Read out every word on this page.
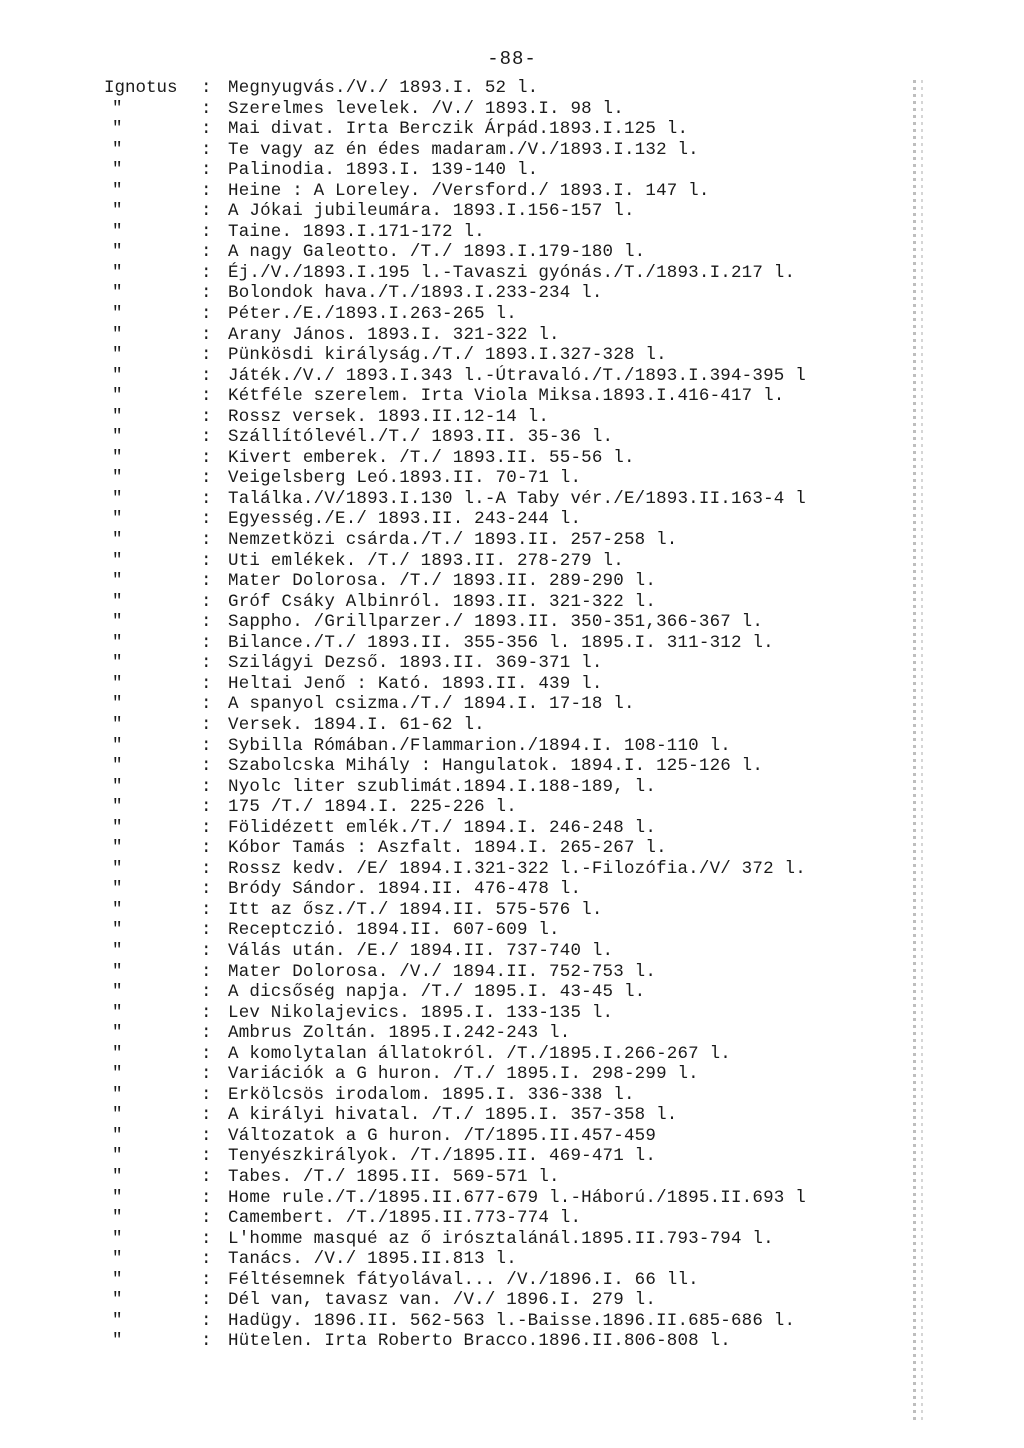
-88-
Ignotus : Megnyugvás./V./ 1893.I. 52 l.
"	: Szerelmes levelek. /V./ 1893.I. 98 l.
"	: Mai divat. Irta Berczik Árpád.1893.I.125 l.
"	: Te vagy az én édes madaram./V./1893.I.132 l.
"	: Palinodia. 1893.I. 139-140 l.
"	: Heine : A Loreley. /Versford./ 1893.I. 147 l.
"	: A Jókai jubileumára. 1893.I.156-157 l.
"	: Taine. 1893.I.171-172 l.
"	: A nagy Galeotto. /T./ 1893.I.179-180 l.
"	: Éj./V./1893.I.195 l.-Tavaszi gyónás./T./1893.I.217 l.
"	: Bolondok hava./T./1893.I.233-234 l.
"	: Péter./E./1893.I.263-265 l.
"	: Arany János. 1893.I. 321-322 l.
"	: Pünkösdi királyság./T./ 1893.I.327-328 l.
"	: Játék./V./ 1893.I.343 l.-Útravaló./T./1893.I.394-395 l
"	: Kétféle szerelem. Irta Viola Miksa.1893.I.416-417 l.
"	: Rossz versek. 1893.II.12-14 l.
"	: Szállítólevél./T./ 1893.II. 35-36 l.
"	: Kivert emberek. /T./ 1893.II. 55-56 l.
"	: Veigelsberg Leó.1893.II. 70-71 l.
"	: Találka./V/1893.I.130 l.-A Taby vér./E/1893.II.163-4 l
"	: Egyesség./E./ 1893.II. 243-244 l.
"	: Nemzetközi csárda./T./ 1893.II. 257-258 l.
"	: Uti emlékek. /T./ 1893.II. 278-279 l.
"	: Mater Dolorosa. /T./ 1893.II. 289-290 l.
"	: Gróf Csáky Albinról. 1893.II. 321-322 l.
"	: Sappho. /Grillparzer./ 1893.II. 350-351,366-367 l.
"	: Bilance./T./ 1893.II. 355-356 l. 1895.I. 311-312 l.
"	: Szilágyi Dezső. 1893.II. 369-371 l.
"	: Heltai Jenő : Kató. 1893.II. 439 l.
"	: A spanyol csizma./T./ 1894.I. 17-18 l.
"	: Versek. 1894.I. 61-62 l.
"	: Sybilla Rómában./Flammarion./1894.I. 108-110 l.
"	: Szabolcska Mihály : Hangulatok. 1894.I. 125-126 l.
"	: Nyolc liter szublimát.1894.I.188-189, l.
"	: 175 /T./ 1894.I. 225-226 l.
"	: Fölidézett emlék./T./ 1894.I. 246-248 l.
"	: Kóbor Tamás : Aszfalt. 1894.I. 265-267 l.
"	: Rossz kedv. /E/ 1894.I.321-322 l.-Filozófia./V/ 372 l.
"	: Bródy Sándor. 1894.II. 476-478 l.
"	: Itt az ősz./T./ 1894.II. 575-576 l.
"	: Receptcziό. 1894.II. 607-609 l.
"	: Válás után. /E./ 1894.II. 737-740 l.
"	: Mater Dolorosa. /V./ 1894.II. 752-753 l.
"	: A dicsőség napja. /T./ 1895.I. 43-45 l.
"	: Lev Nikolajevics. 1895.I. 133-135 l.
"	: Ambrus Zoltán. 1895.I.242-243 l.
"	: A komolytalan állatokról. /T./1895.I.266-267 l.
"	: Variációk a G huron. /T./ 1895.I. 298-299 l.
"	: Erkölcsös irodalom. 1895.I. 336-338 l.
"	: A királyi hivatal. /T./ 1895.I. 357-358 l.
"	: Változatok a G huron. /T/1895.II.457-459
"	: Tenyészkirályok. /T./1895.II. 469-471 l.
"	: Tabes. /T./ 1895.II. 569-571 l.
"	: Home rule./T./1895.II.677-679 l.-Háború./1895.II.693 l
"	: Camembert. /T./1895.II.773-774 l.
"	: L'homme masqué az ő irósztalánál.1895.II.793-794 l.
"	: Tanács. /V./ 1895.II.813 l.
"	: Féltésemnek fátyolával... /V./1896.I. 66 ll.
"	: Dél van, tavasz van. /V./ 1896.I. 279 l.
"	: Hadügy. 1896.II. 562-563 l.-Baisse.1896.II.685-686 l.
"	: Hütelen. Irta Roberto Bracco.1896.II.806-808 l.
